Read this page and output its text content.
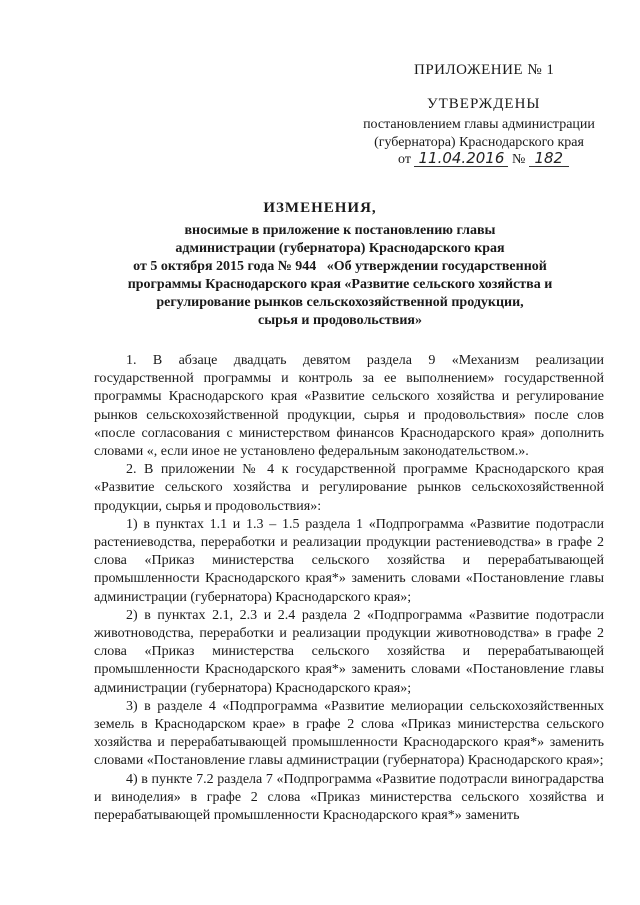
ПРИЛОЖЕНИЕ № 1
УТВЕРЖДЕНЫ
постановлением главы администрации
(губернатора) Краснодарского края
от 11.04.2016 № 182
ИЗМЕНЕНИЯ,
вносимые в приложение к постановлению главы
администрации (губернатора) Краснодарского края
от 5 октября 2015 года № 944   «Об утверждении государственной
программы Краснодарского края «Развитие сельского хозяйства и
регулирование рынков сельскохозяйственной продукции,
сырья и продовольствия»

1. В абзаце двадцать девятом раздела 9 «Механизм реализации государственной программы и контроль за ее выполнением» государственной программы Краснодарского края «Развитие сельского хозяйства и регулирование рынков сельскохозяйственной продукции, сырья и продовольствия» после слов «после согласования с министерством финансов Краснодарского края» дополнить словами «, если иное не установлено федеральным законодательством.».

2. В приложении № 4 к государственной программе Краснодарского края «Развитие сельского хозяйства и регулирование рынков сельскохозяйственной продукции, сырья и продовольствия»:

1) в пунктах 1.1 и 1.3 – 1.5 раздела 1 «Подпрограмма «Развитие подотрасли растениеводства, переработки и реализации продукции растениеводства» в графе 2 слова «Приказ министерства сельского хозяйства и перерабатывающей промышленности Краснодарского края*» заменить словами «Постановление главы администрации (губернатора) Краснодарского края»;

2) в пунктах 2.1, 2.3 и 2.4 раздела 2 «Подпрограмма «Развитие подотрасли животноводства, переработки и реализации продукции животноводства» в графе 2 слова «Приказ министерства сельского хозяйства и перерабатывающей промышленности Краснодарского края*» заменить словами «Постановление главы администрации (губернатора) Краснодарского края»;

3) в разделе 4 «Подпрограмма «Развитие мелиорации сельскохозяйственных земель в Краснодарском крае» в графе 2 слова «Приказ министерства сельского хозяйства и перерабатывающей промышленности Краснодарского края*» заменить словами «Постановление главы администрации (губернатора) Краснодарского края»;

4) в пункте 7.2 раздела 7 «Подпрограмма «Развитие подотрасли виноградарства и виноделия» в графе 2 слова «Приказ министерства сельского хозяйства и перерабатывающей промышленности Краснодарского края*» заменить
